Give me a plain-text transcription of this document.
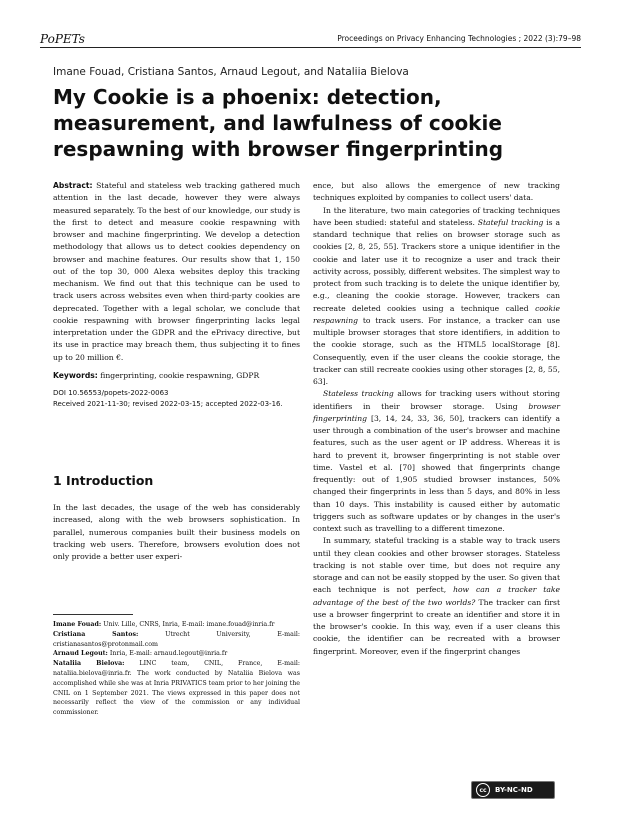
PoPETs	Proceedings on Privacy Enhancing Technologies ; 2022 (3):79–98
Imane Fouad, Cristiana Santos, Arnaud Legout, and Nataliia Bielova
My Cookie is a phoenix: detection, measurement, and lawfulness of cookie respawning with browser fingerprinting

Abstract: Stateful and stateless web tracking gathered much attention in the last decade, however they were always measured separately. To the best of our knowledge, our study is the first to detect and measure cookie respawning with browser and machine fingerprinting. We develop a detection methodology that allows us to detect cookies dependency on browser and machine features. Our results show that 1, 150 out of the top 30, 000 Alexa websites deploy this tracking mechanism. We find out that this technique can be used to track users across websites even when third-party cookies are deprecated. Together with a legal scholar, we conclude that cookie respawning with browser fingerprinting lacks legal interpretation under the GDPR and the ePrivacy directive, but its use in practice may breach them, thus subjecting it to fines up to 20 million €.

Keywords: fingerprinting, cookie respawning, GDPR

DOI 10.56553/popets-2022-0063

Received 2021-11-30; revised 2022-03-15; accepted 2022-03-16.

1 Introduction
In the last decades, the usage of the web has considerably increased, along with the web browsers sophistication. In parallel, numerous companies built their business models on tracking web users. Therefore, browsers evolution does not only provide a better user experi-

Imane Fouad: Univ. Lille, CNRS, Inria, E-mail: imane.fouad@inria.fr

Cristiana Santos:	Utrecht University, E-mail: cristianasantos@protonmail.com

Arnaud Legout: Inria, E-mail: arnaud.legout@inria.fr

Nataliia Bielova: LINC team, CNIL, France, E-mail: nataliia.bielova@inria.fr. The work conducted by Nataliia Bielova was accomplished while she was at Inria PRIVATICS team prior to her joining the CNIL on 1 September 2021. The views expressed in this paper does not necessarily reflect the view of the commission or any individual commissioner.

ence, but also allows the emergence of new tracking techniques exploited by companies to collect users' data.

In the literature, two main categories of tracking techniques have been studied: stateful and stateless. Stateful tracking is a standard technique that relies on browser storage such as cookies [2, 8, 25, 55]. Trackers store a unique identifier in the cookie and later use it to recognize a user and track their activity across, possibly, different websites. The simplest way to protect from such tracking is to delete the unique identifier by, e.g., cleaning the cookie storage. However, trackers can recreate deleted cookies using a technique called cookie respawning to track users. For instance, a tracker can use multiple browser storages that store identifiers, in addition to the cookie storage, such as the HTML5 localStorage [8]. Consequently, even if the user cleans the cookie storage, the tracker can still recreate cookies using other storages [2, 8, 55, 63].

Stateless tracking allows for tracking users without storing identifiers in their browser storage. Using browser fingerprinting [3, 14, 24, 33, 36, 50], trackers can identify a user through a combination of the user's browser and machine features, such as the user agent or IP address. Whereas it is hard to prevent it, browser fingerprinting is not stable over time. Vastel et al. [70] showed that fingerprints change frequently: out of 1,905 studied browser instances, 50% changed their fingerprints in less than 5 days, and 80% in less than 10 days. This instability is caused either by automatic triggers such as software updates or by changes in the user's context such as travelling to a different timezone.

In summary, stateful tracking is a stable way to track users until they clean cookies and other browser storages. Stateless tracking is not stable over time, but does not require any storage and can not be easily stopped by the user. So given that each technique is not perfect, how can a tracker take advantage of the best of the two worlds? The tracker can first use a browser fingerprint to create an identifier and store it in the browser's cookie. In this way, even if a user cleans this cookie, the identifier can be recreated with a browser fingerprint. Moreover, even if the fingerprint changes

cc	BY-NC-ND
